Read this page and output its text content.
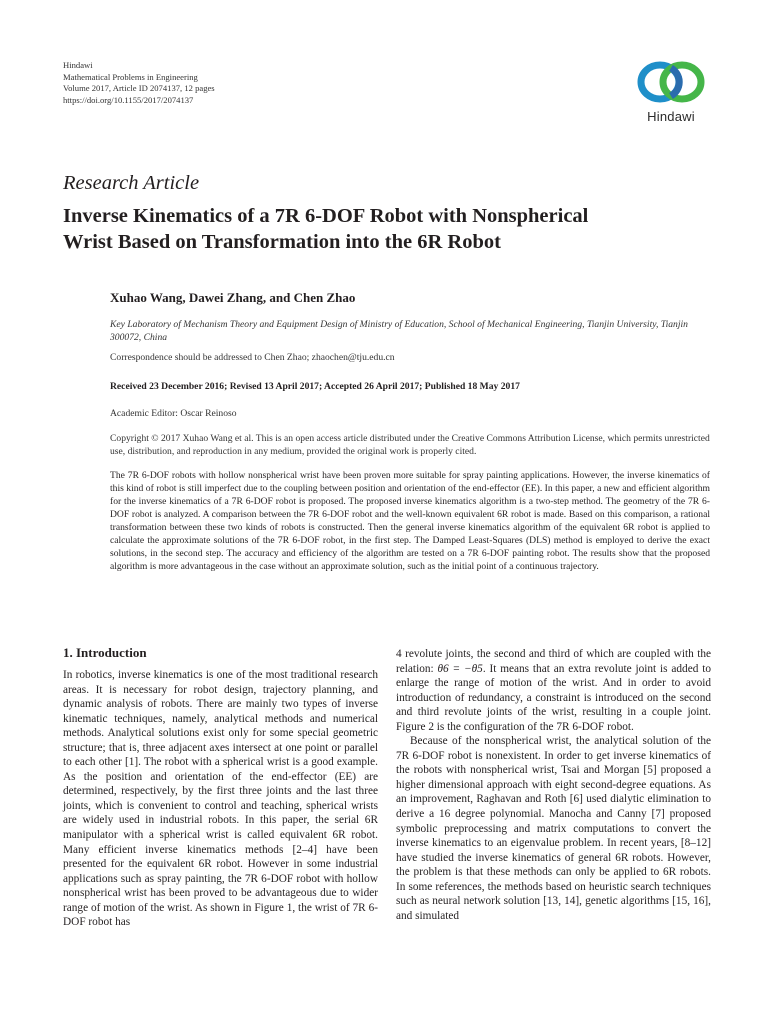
Hindawi
Mathematical Problems in Engineering
Volume 2017, Article ID 2074137, 12 pages
https://doi.org/10.1155/2017/2074137
Hindawi
Research Article
Inverse Kinematics of a 7R 6-DOF Robot with Nonspherical
Wrist Based on Transformation into the 6R Robot
Xuhao Wang, Dawei Zhang, and Chen Zhao
Key Laboratory of Mechanism Theory and Equipment Design of Ministry of Education, School of Mechanical Engineering, Tianjin University, Tianjin 300072, China
Correspondence should be addressed to Chen Zhao; zhaochen@tju.edu.cn
Received 23 December 2016; Revised 13 April 2017; Accepted 26 April 2017; Published 18 May 2017
Academic Editor: Oscar Reinoso
Copyright © 2017 Xuhao Wang et al. This is an open access article distributed under the Creative Commons Attribution License, which permits unrestricted use, distribution, and reproduction in any medium, provided the original work is properly cited.
The 7R 6-DOF robots with hollow nonspherical wrist have been proven more suitable for spray painting applications. However, the inverse kinematics of this kind of robot is still imperfect due to the coupling between position and orientation of the end-effector (EE). In this paper, a new and efficient algorithm for the inverse kinematics of a 7R 6-DOF robot is proposed. The proposed inverse kinematics algorithm is a two-step method. The geometry of the 7R 6-DOF robot is analyzed. A comparison between the 7R 6-DOF robot and the well-known equivalent 6R robot is made. Based on this comparison, a rational transformation between these two kinds of robots is constructed. Then the general inverse kinematics algorithm of the equivalent 6R robot is applied to calculate the approximate solutions of the 7R 6-DOF robot, in the first step. The Damped Least-Squares (DLS) method is employed to derive the exact solutions, in the second step. The accuracy and efficiency of the algorithm are tested on a 7R 6-DOF painting robot. The results show that the proposed algorithm is more advantageous in the case without an approximate solution, such as the initial point of a continuous trajectory.
1. Introduction

In robotics, inverse kinematics is one of the most traditional research areas. It is necessary for robot design, trajectory planning, and dynamic analysis of robots. There are mainly two types of inverse kinematic techniques, namely, analytical methods and numerical methods. Analytical solutions exist only for some special geometric structure; that is, three adjacent axes intersect at one point or parallel to each other [1]. The robot with a spherical wrist is a good example. As the position and orientation of the end-effector (EE) are determined, respectively, by the first three joints and the last three joints, which is convenient to control and teaching, spherical wrists are widely used in industrial robots. In this paper, the serial 6R manipulator with a spherical wrist is called equivalent 6R robot. Many efficient inverse kinematics methods [2–4] have been presented for the equivalent 6R robot. However in some industrial applications such as spray painting, the 7R 6-DOF robot with hollow nonspherical wrist has been proved to be advantageous due to wider range of motion of the wrist. As shown in Figure 1, the wrist of 7R 6-DOF robot has

4 revolute joints, the second and third of which are coupled with the relation: θ6 = −θ5. It means that an extra revolute joint is added to enlarge the range of motion of the wrist. And in order to avoid introduction of redundancy, a constraint is introduced on the second and third revolute joints of the wrist, resulting in a couple joint. Figure 2 is the configuration of the 7R 6-DOF robot.

Because of the nonspherical wrist, the analytical solution of the 7R 6-DOF robot is nonexistent. In order to get inverse kinematics of the robots with nonspherical wrist, Tsai and Morgan [5] proposed a higher dimensional approach with eight second-degree equations. As an improvement, Raghavan and Roth [6] used dialytic elimination to derive a 16 degree polynomial. Manocha and Canny [7] proposed symbolic preprocessing and matrix computations to convert the inverse kinematics to an eigenvalue problem. In recent years, [8–12] have studied the inverse kinematics of general 6R robots. However, the problem is that these methods can only be applied to 6R robots. In some references, the methods based on heuristic search techniques such as neural network solution [13, 14], genetic algorithms [15, 16], and simulated
